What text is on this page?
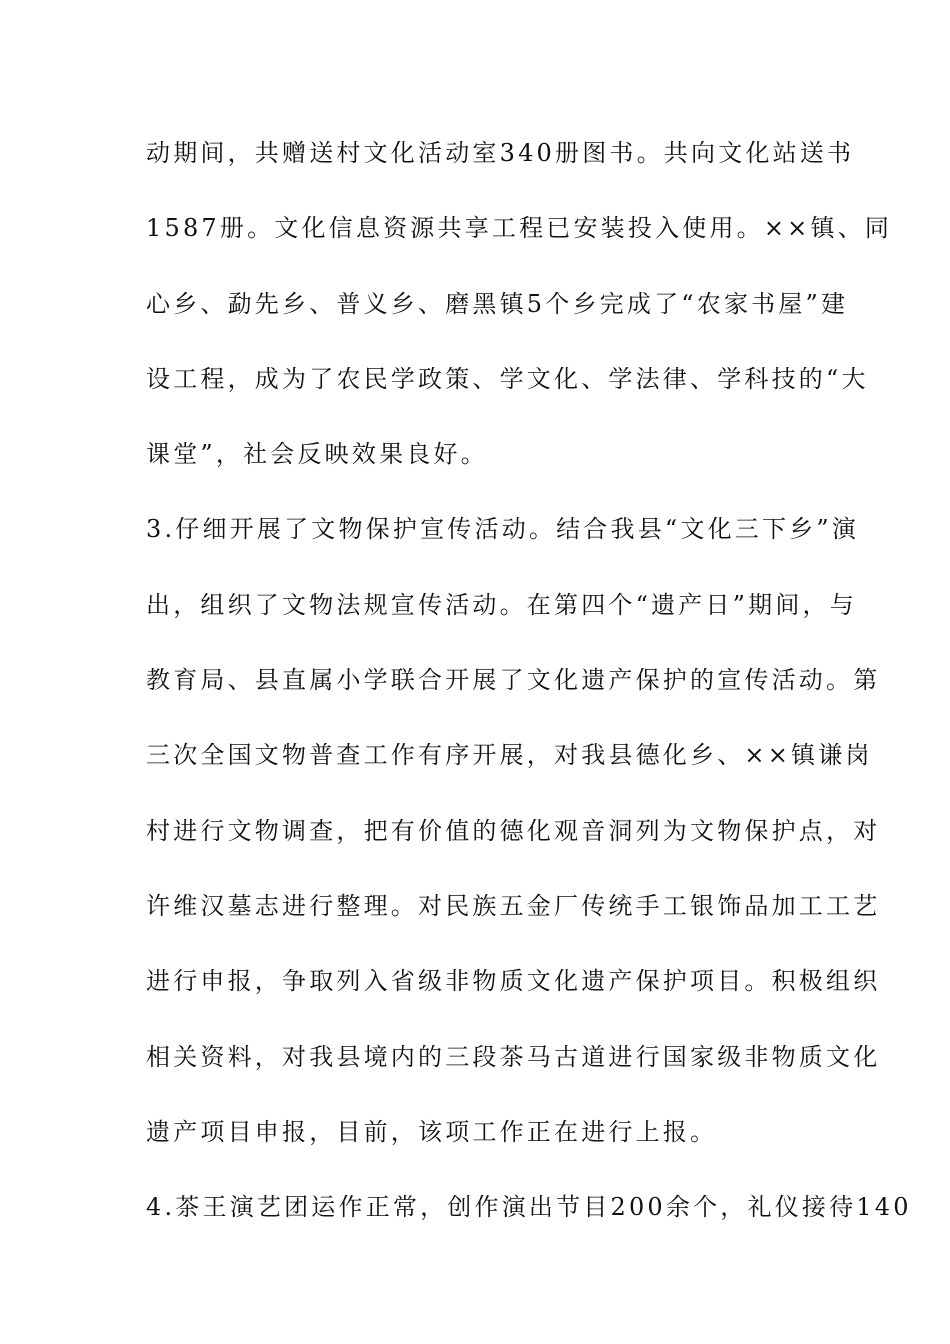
动期间，共赠送村文化活动室340册图书。共向文化站送书
1587册。文化信息资源共享工程已安装投入使用。××镇、同
心乡、勐先乡、普义乡、磨黑镇5个乡完成了“农家书屋”建
设工程，成为了农民学政策、学文化、学法律、学科技的“大
课堂”，社会反映效果良好。
3.仔细开展了文物保护宣传活动。结合我县“文化三下乡”演
出，组织了文物法规宣传活动。在第四个“遗产日”期间，与
教育局、县直属小学联合开展了文化遗产保护的宣传活动。第
三次全国文物普查工作有序开展，对我县德化乡、××镇谦岗
村进行文物调查，把有价值的德化观音洞列为文物保护点，对
许维汉墓志进行整理。对民族五金厂传统手工银饰品加工工艺
进行申报，争取列入省级非物质文化遗产保护项目。积极组织
相关资料，对我县境内的三段茶马古道进行国家级非物质文化
遗产项目申报，目前，该项工作正在进行上报。
4.茶王演艺团运作正常，创作演出节目200余个，礼仪接待140
